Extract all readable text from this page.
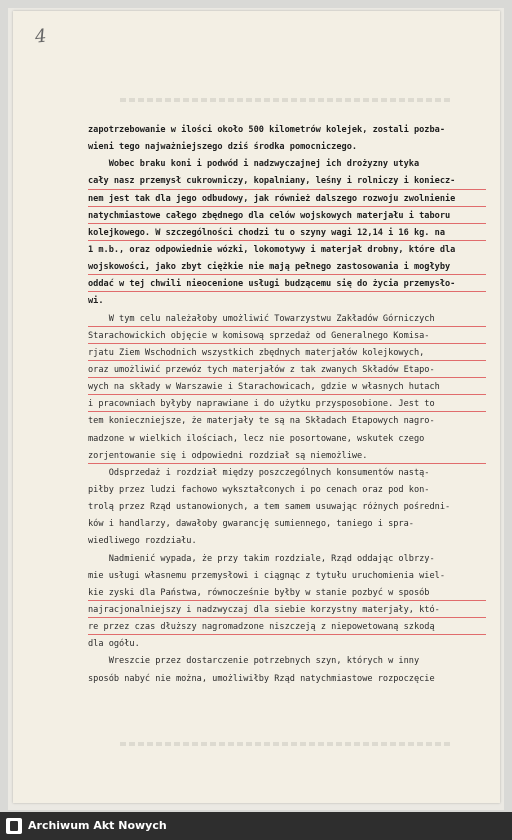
4
zapotrzebowanie w ilości około 500 kilometrów kolejek, zostali pozba-
wieni tego najważniejszego dziś środka pomocniczego.
Wobec braku koni i podwód i nadzwyczajnej ich drożyzny utyka
cały nasz przemysł cukrowniczy, kopalniany, leśny i rolniczy i koniecz-
nem jest tak dla jego odbudowy, jak również dalszego rozwoju zwolnienie
natychmiastowe całego zbędnego dla celów wojskowych materjału i taboru
kolejkowego. W szczególności chodzi tu o szyny wagi 12,14 i 16 kg. na
1 m.b., oraz odpowiednie wózki, lokomotywy i materjał drobny, które dla
wojskowości, jako zbyt ciężkie nie mają pełnego zastosowania i mogłyby
oddać w tej chwili nieocenione usługi budzącemu się do życia przemysło-
wi.
W tym celu należałoby umożliwić Towarzystwu Zakładów Górniczych
Starachowickich objęcie w komisową sprzedaż od Generalnego Komisa-
rjatu Ziem Wschodnich wszystkich zbędnych materjałów kolejkowych,
oraz umożliwić przewóz tych materjałów z tak zwanych Składów Etapo-
wych na składy w Warszawie i Starachowicach, gdzie w własnych hutach
i pracowniach byłyby naprawiane i do użytku przysposobione. Jest to
tem konieczniejsze, że materjały te są na Składach Etapowych nagro-
madzone w wielkich ilościach, lecz nie posortowane, wskutek czego
zorjentowanie się i odpowiedni rozdział są niemożliwe.
Odsprzedaż i rozdział między poszczególnych konsumentów nastą-
piłby przez ludzi fachowo wykształconych i po cenach oraz pod kon-
trolą przez Rząd ustanowionych, a tem samem usuwając różnych pośredni-
ków i handlarzy, dawałoby gwarancję sumiennego, taniego i spra-
wiedliwego rozdziału.
Nadmienić wypada, że przy takim rozdziale, Rząd oddając olbrzy-
mie usługi własnemu przemysłowi i ciągnąc z tytułu uruchomienia wiel-
kie zyski dla Państwa, równocześnie byłby w stanie pozbyć w sposób
najracjonalniejszy i nadzwyczaj dla siebie korzystny materjały, któ-
re przez czas dłuższy nagromadzone niszczeją z niepowetowaną szkodą
dla ogółu.
Wreszcie przez dostarczenie potrzebnych szyn, których w inny
sposób nabyć nie można, umożliwiłby Rząd natychmiastowe rozpoczęcie
Archiwum Akt Nowych
